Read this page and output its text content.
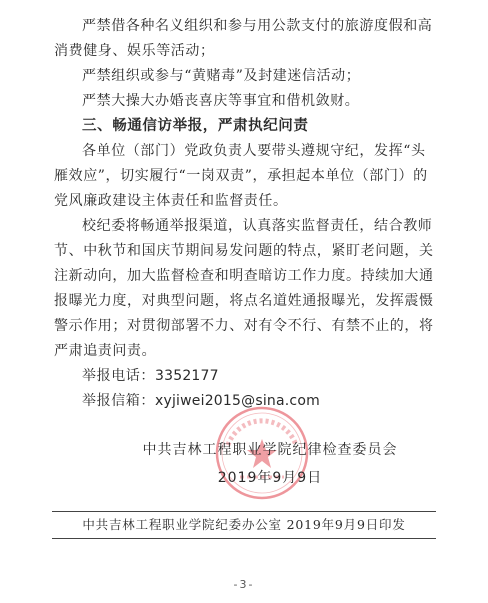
严禁借各种名义组织和参与用公款支付的旅游度假和高消费健身、娱乐等活动；

严禁组织或参与“黄赌毒”及封建迷信活动；

严禁大操大办婚丧喜庆等事宜和借机敛财。

三、畅通信访举报，严肃执纪问责

各单位（部门）党政负责人要带头遵规守纪，发挥“头雁效应”，切实履行“一岗双责”，承担起本单位（部门）的党风廉政建设主体责任和监督责任。

校纪委将畅通举报渠道，认真落实监督责任，结合教师节、中秋节和国庆节期间易发问题的特点，紧盯老问题，关注新动向，加大监督检查和明查暗访工作力度。持续加大通报曝光力度，对典型问题，将点名道姓通报曝光，发挥震慑警示作用；对贯彻部署不力、对有令不行、有禁不止的，将严肃追责问责。

举报电话：3352177
举报信箱：xyjiwei2015@sina.com
中共吉林工程职业学院纪律检查委员会
2019年9月9日
中共吉林工程职业学院纪委办公室 2019年9月9日印发
-3-
